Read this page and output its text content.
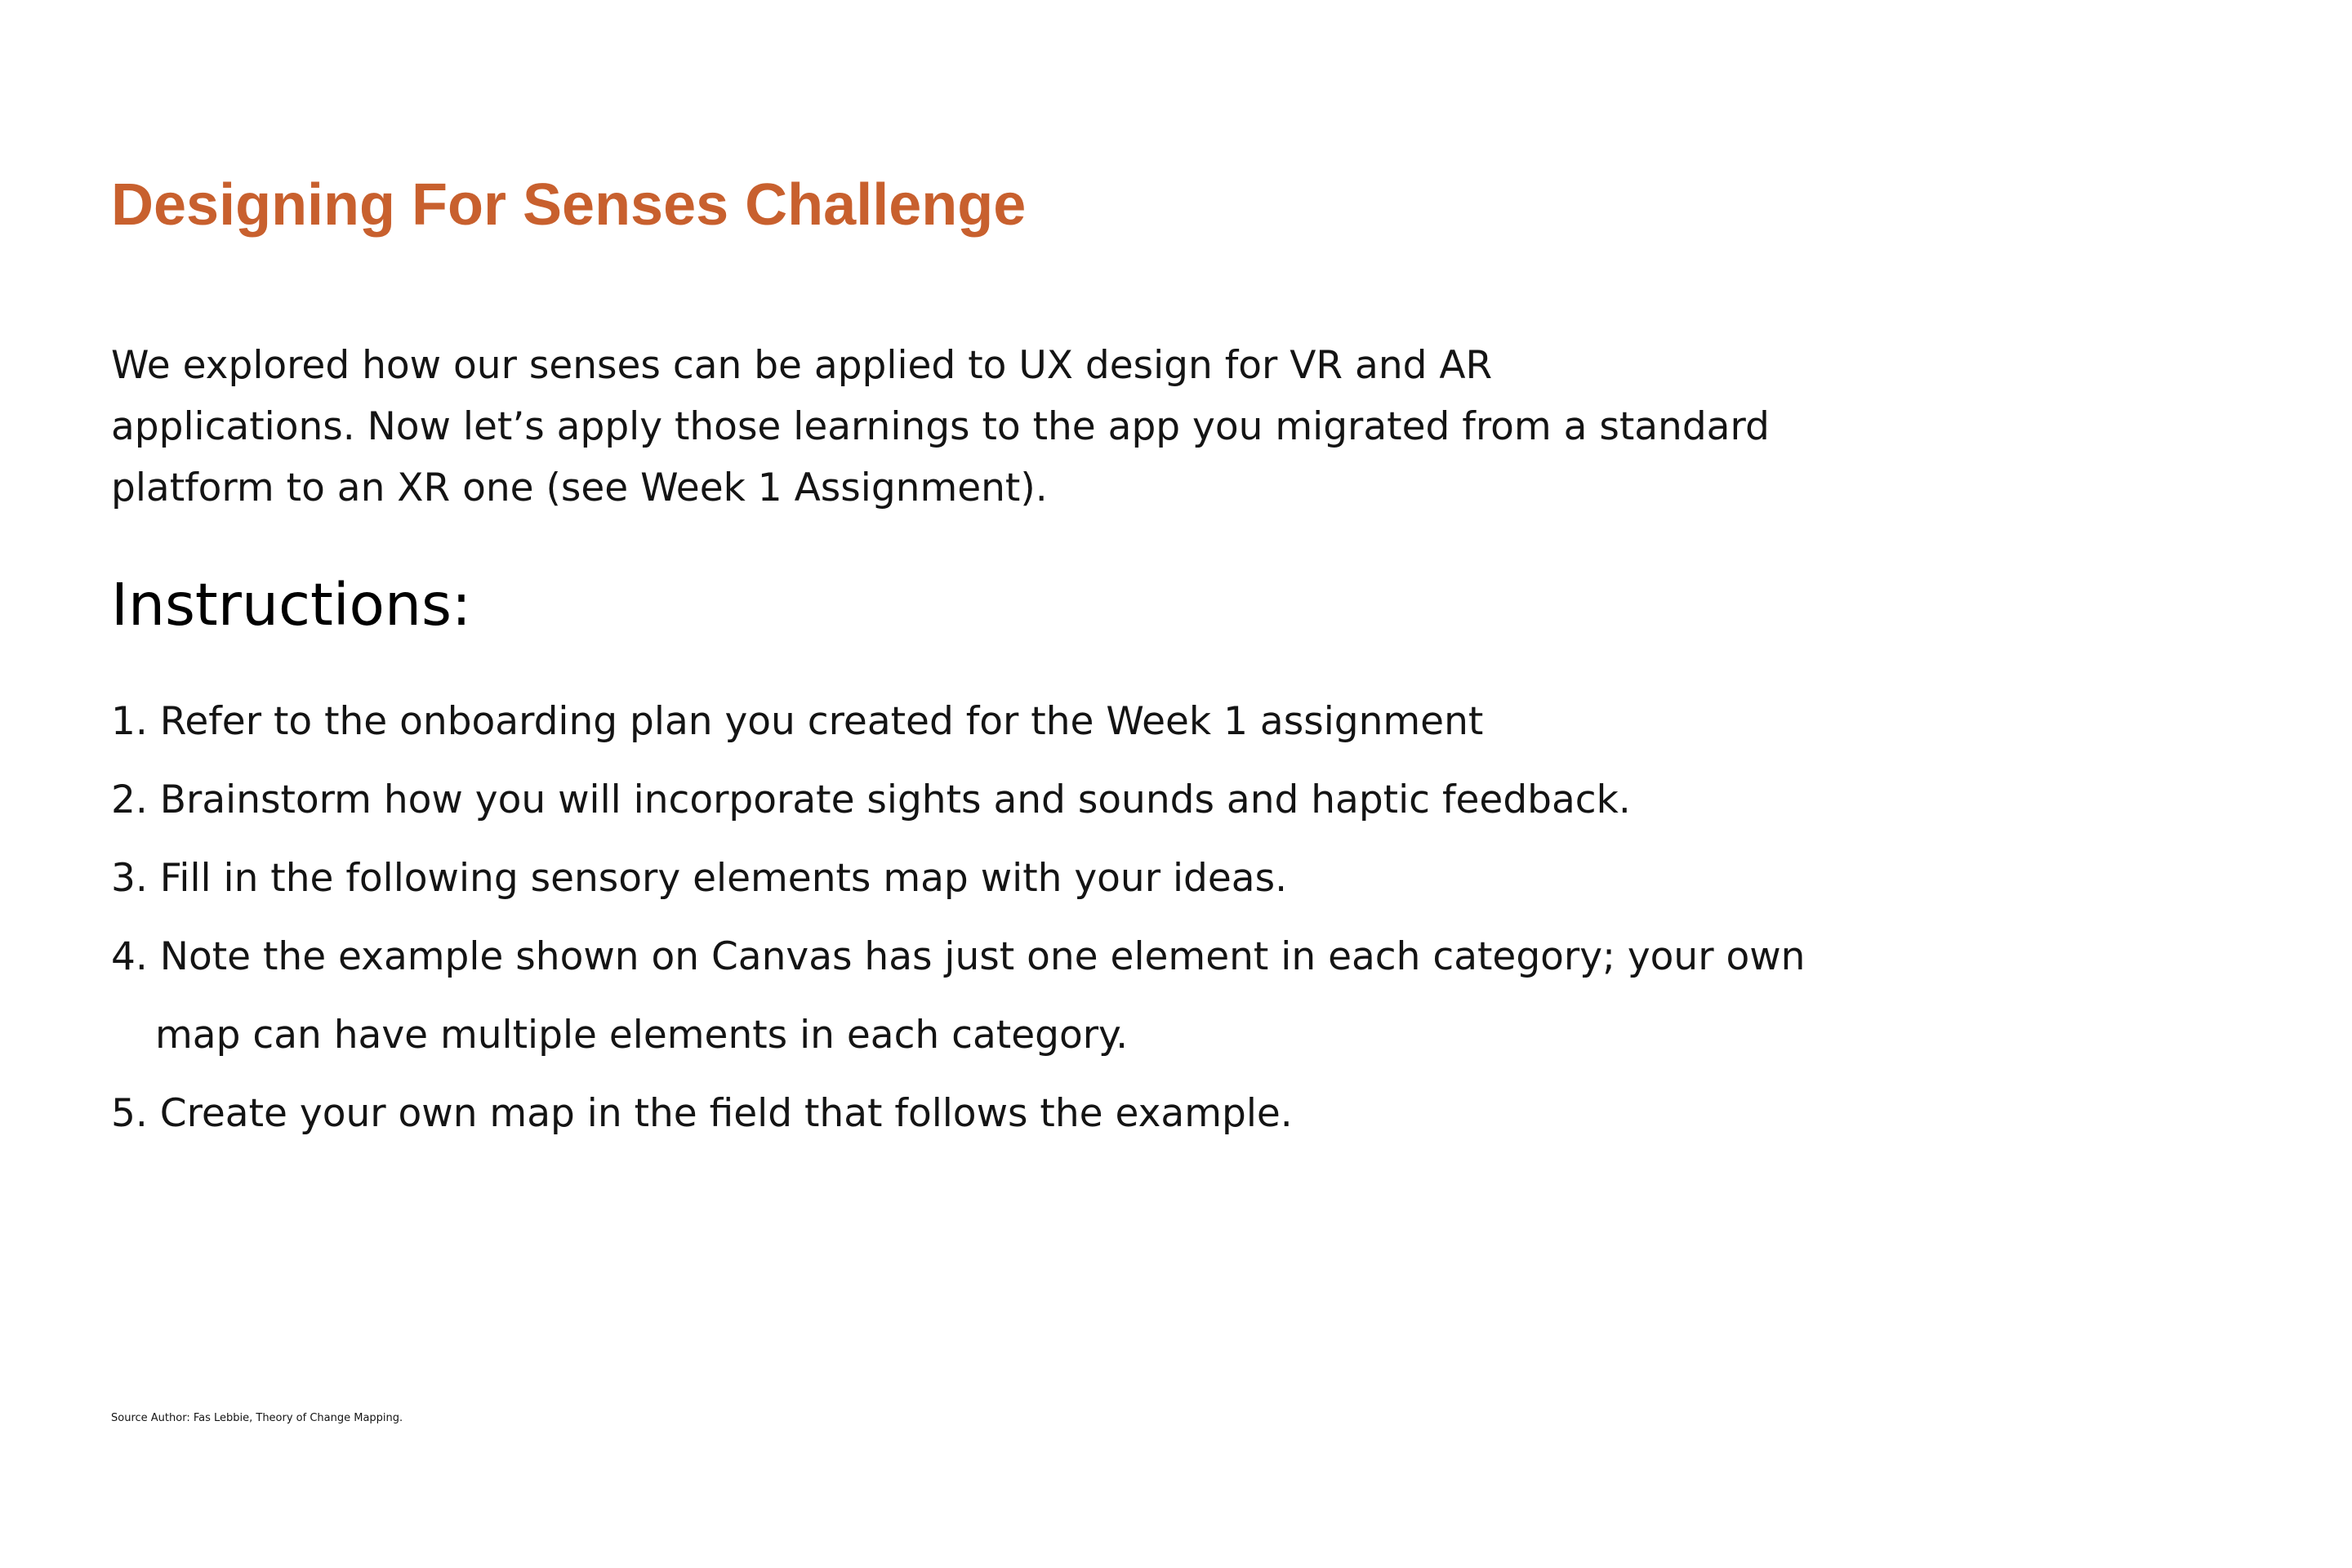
Designing For Senses Challenge

We explored how our senses can be applied to UX design for VR and AR
applications. Now let’s apply those learnings to the app you migrated from a standard
platform to an XR one (see Week 1 Assignment).

Instructions:
1. Refer to the onboarding plan you created for the Week 1 assignment
2. Brainstorm how you will incorporate sights and sounds and haptic feedback.
3. Fill in the following sensory elements map with your ideas.
4. Note the example shown on Canvas has just one element in each category; your own
map can have multiple elements in each category.
5. Create your own map in the field that follows the example.

Source Author: Fas Lebbie, Theory of Change Mapping.
